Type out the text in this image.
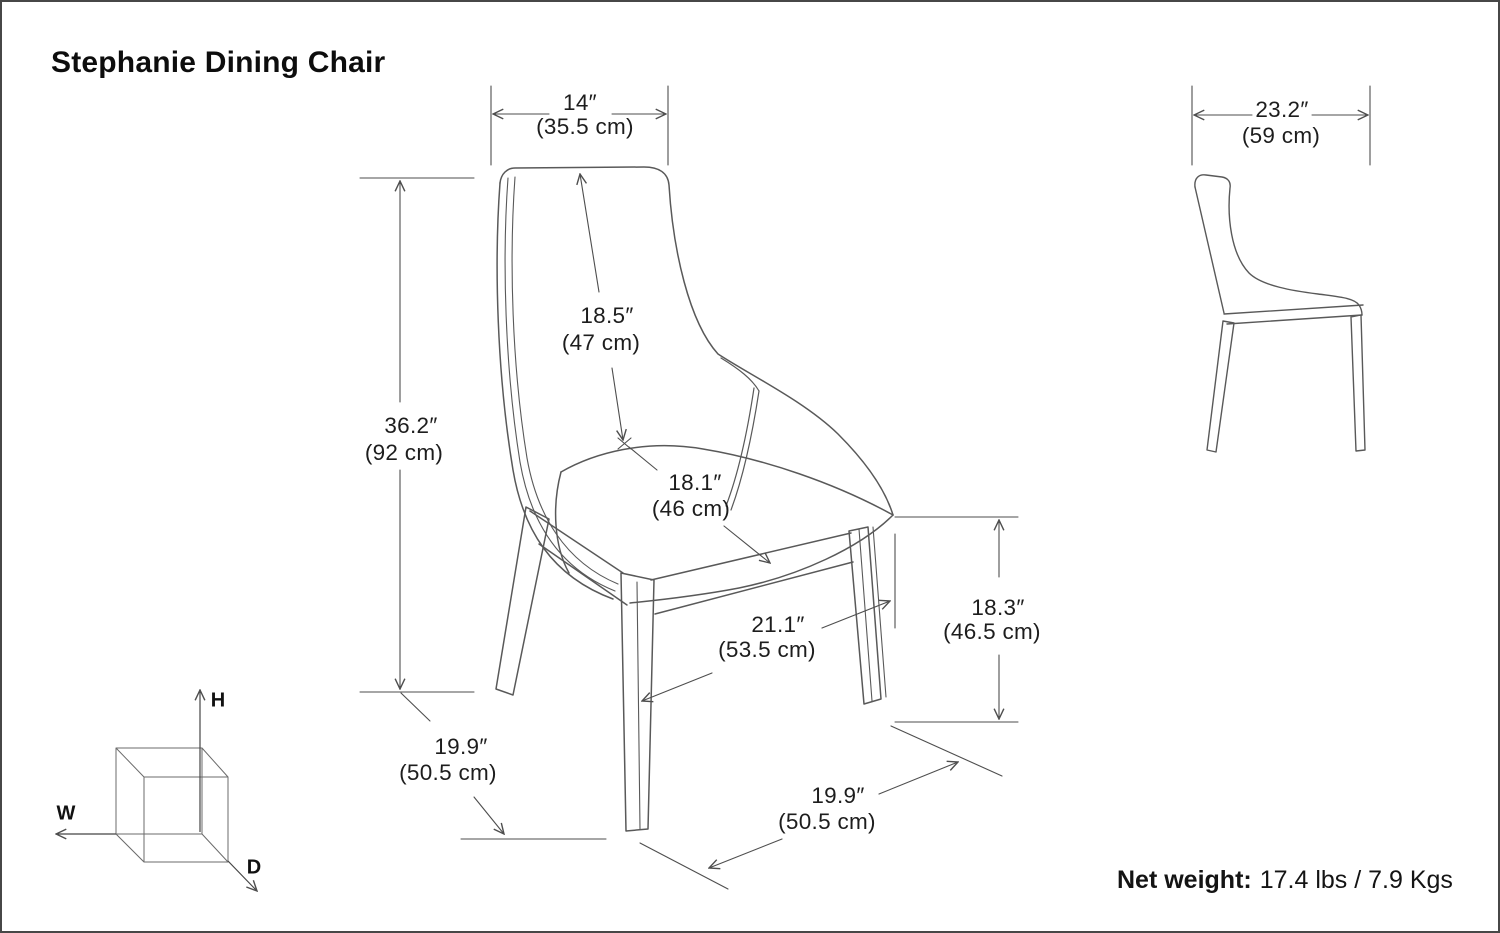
Stephanie Dining Chair
14″
(35.5 cm)
36.2″
(92 cm)
18.5″
(47 cm)
18.1″
(46 cm)
21.1″
(53.5 cm)
18.3″
(46.5 cm)
19.9″
(50.5 cm)
19.9″
(50.5 cm)
23.2″
(59 cm)
H
W
D	Net weight: 17.4 lbs / 7.9 Kgs
